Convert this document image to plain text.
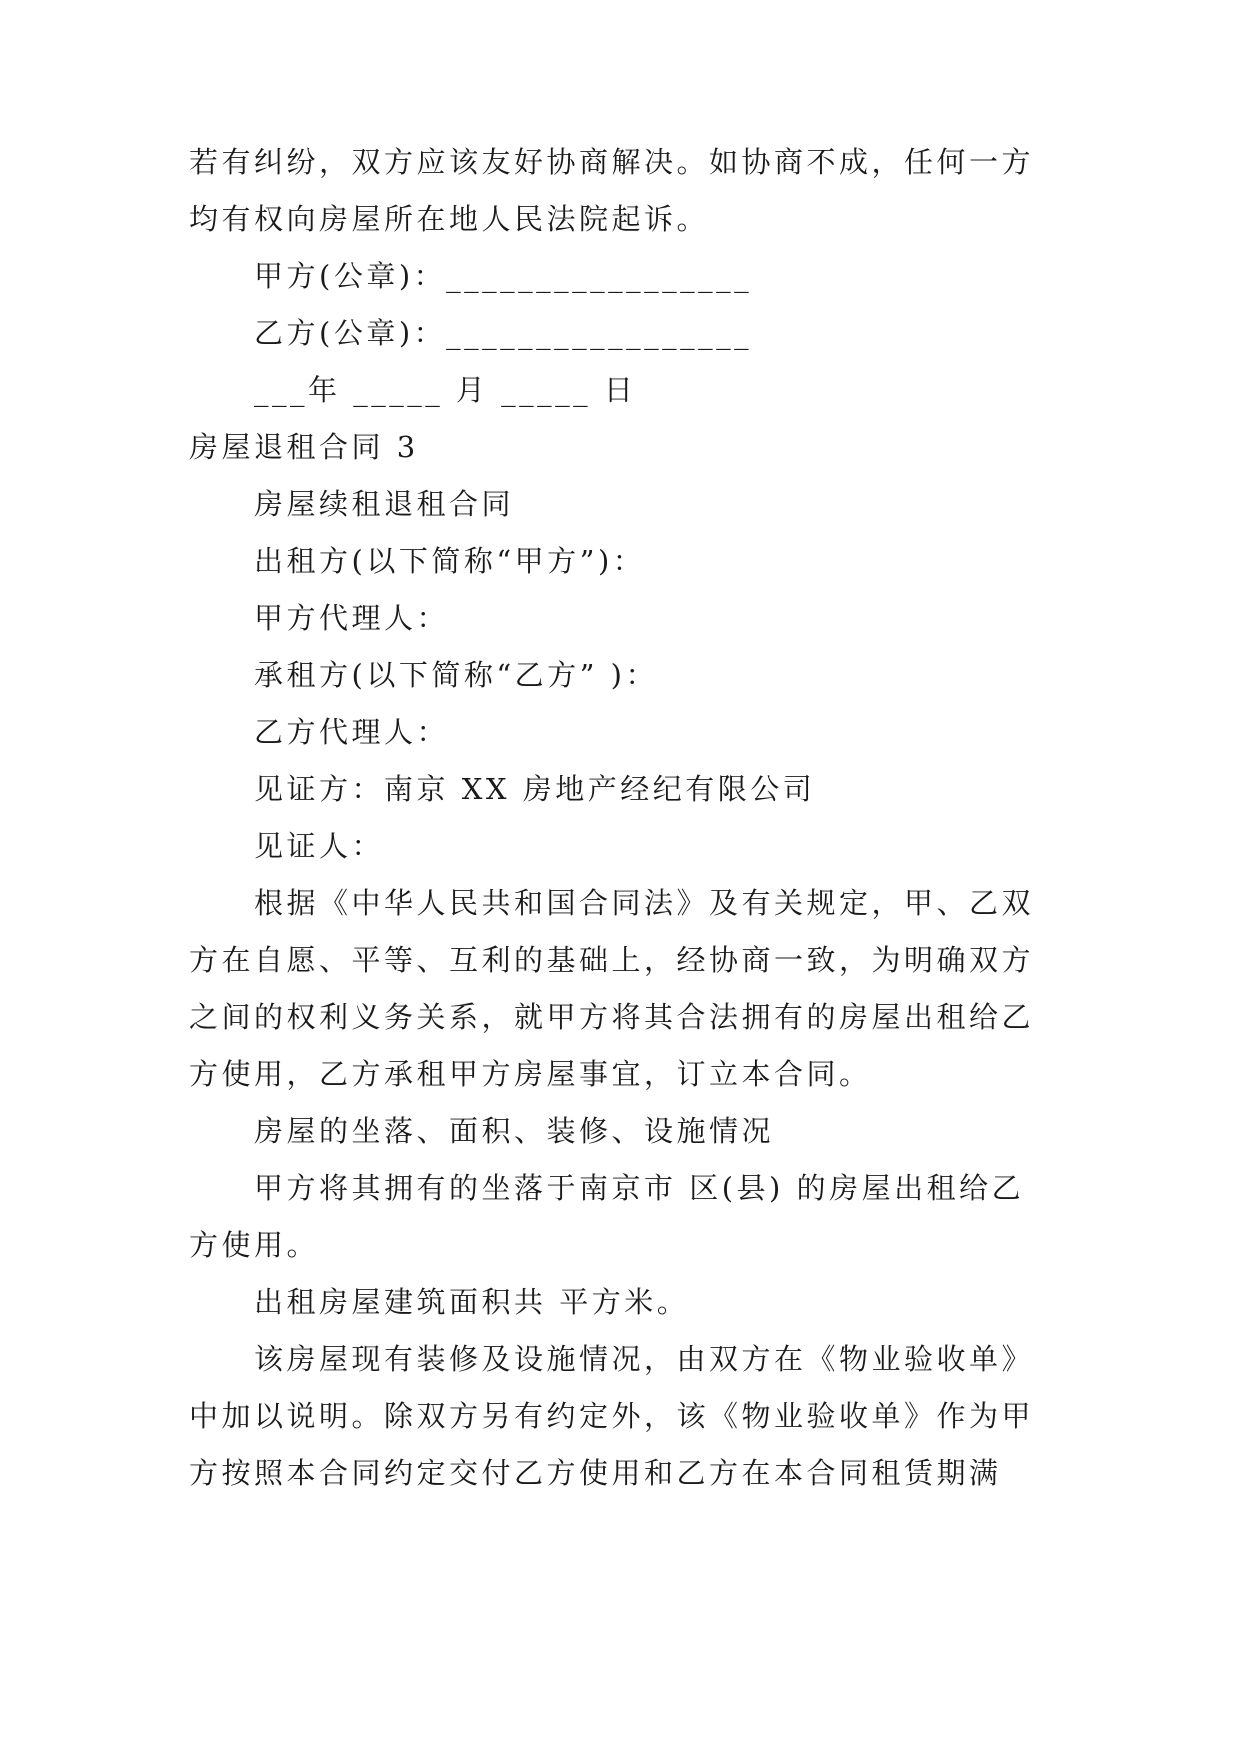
若有纠纷，双方应该友好协商解决。如协商不成，任何一方
均有权向房屋所在地人民法院起诉。
甲方(公章)：_________________
乙方(公章)：_________________
___年 _____ 月 _____ 日
房屋退租合同 3
房屋续租退租合同
出租方(以下简称“甲方”)：
甲方代理人：
承租方(以下简称“乙方” )：
乙方代理人：
见证方：南京 XX 房地产经纪有限公司
见证人：
根据《中华人民共和国合同法》及有关规定，甲、乙双
方在自愿、平等、互利的基础上，经协商一致，为明确双方
之间的权利义务关系，就甲方将其合法拥有的房屋出租给乙
方使用，乙方承租甲方房屋事宜，订立本合同。
房屋的坐落、面积、装修、设施情况
甲方将其拥有的坐落于南京市 区(县) 的房屋出租给乙
方使用。
出租房屋建筑面积共 平方米。
该房屋现有装修及设施情况，由双方在《物业验收单》
中加以说明。除双方另有约定外，该《物业验收单》作为甲
方按照本合同约定交付乙方使用和乙方在本合同租赁期满
